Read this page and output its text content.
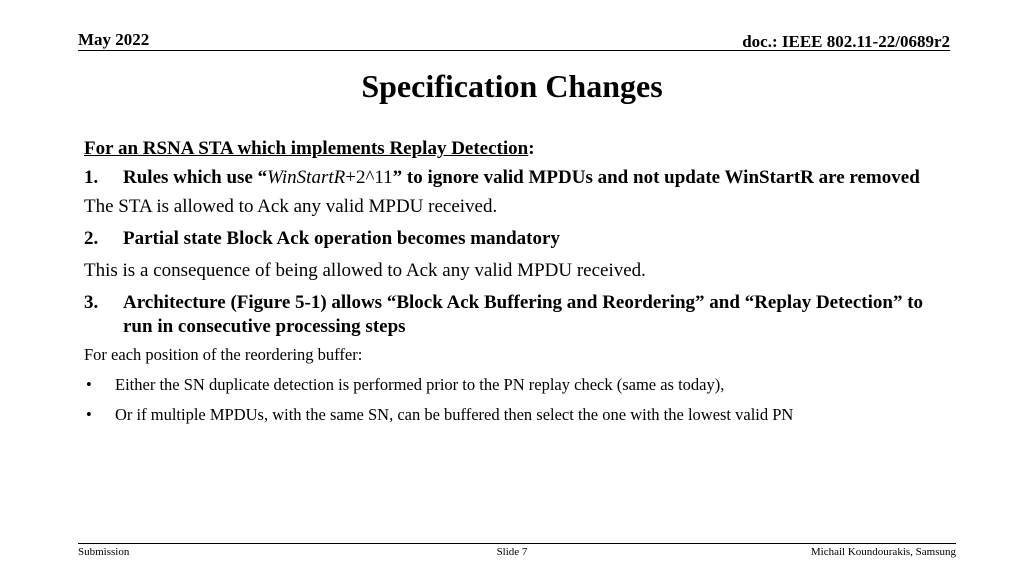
May 2022	doc.: IEEE 802.11-22/0689r2
Specification Changes
For an RSNA STA which implements Replay Detection:
1.	Rules which use “WinStartR+2^11” to ignore valid MPDUs and not update WinStartR are removed
The STA is allowed to Ack any valid MPDU received.
2.	Partial state Block Ack operation becomes mandatory
This is a consequence of being allowed to Ack any valid MPDU received.
3.	Architecture (Figure 5-1) allows “Block Ack Buffering and Reordering” and “Replay Detection” to run in consecutive processing steps
For each position of the reordering buffer:
•	Either the SN duplicate detection is performed prior to the PN replay check (same as today),
•	Or if multiple MPDUs, with the same SN, can be buffered then select the one with the lowest valid PN
Submission	Slide 7	Michail Koundourakis, Samsung
